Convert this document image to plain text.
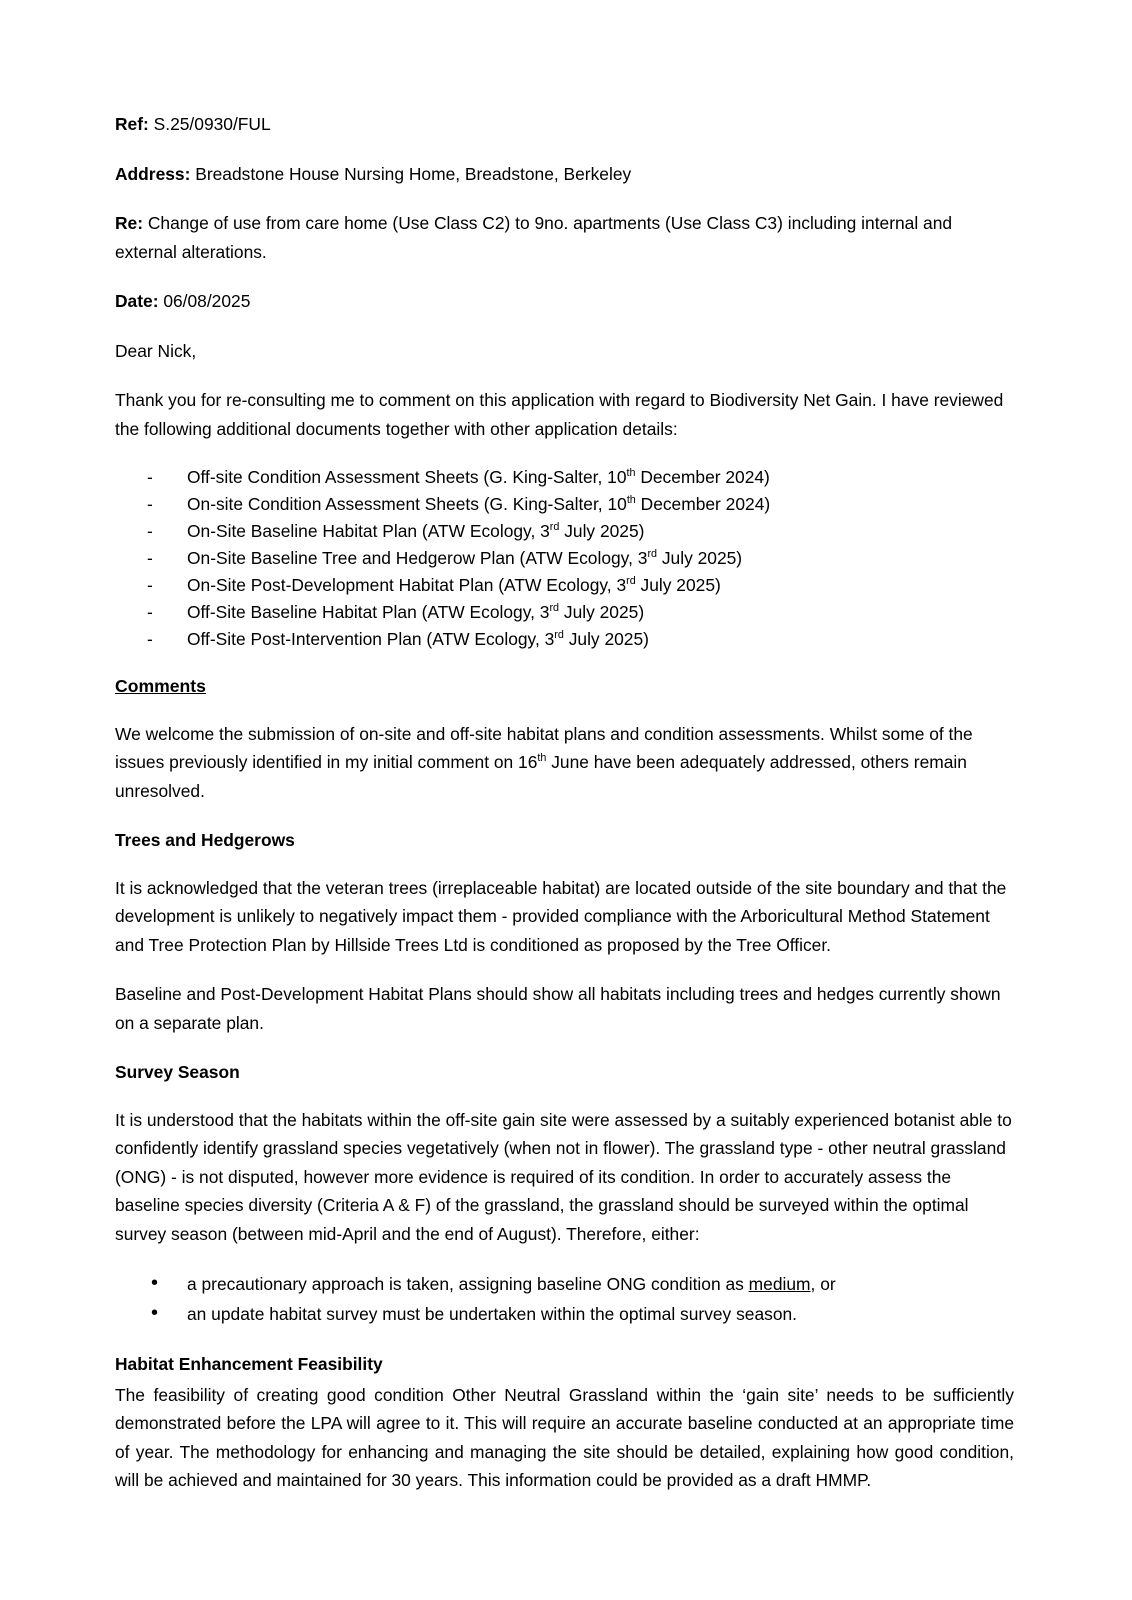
Ref: S.25/0930/FUL

Address: Breadstone House Nursing Home, Breadstone, Berkeley

Re: Change of use from care home (Use Class C2) to 9no. apartments (Use Class C3) including internal and external alterations.

Date: 06/08/2025

Dear Nick,

Thank you for re-consulting me to comment on this application with regard to Biodiversity Net Gain. I have reviewed the following additional documents together with other application details:

- Off-site Condition Assessment Sheets (G. King-Salter, 10th December 2024)
- On-site Condition Assessment Sheets (G. King-Salter, 10th December 2024)
- On-Site Baseline Habitat Plan (ATW Ecology, 3rd July 2025)
- On-Site Baseline Tree and Hedgerow Plan (ATW Ecology, 3rd July 2025)
- On-Site Post-Development Habitat Plan (ATW Ecology, 3rd July 2025)
- Off-Site Baseline Habitat Plan (ATW Ecology, 3rd July 2025)
- Off-Site Post-Intervention Plan (ATW Ecology, 3rd July 2025)

Comments

We welcome the submission of on-site and off-site habitat plans and condition assessments. Whilst some of the issues previously identified in my initial comment on 16th June have been adequately addressed, others remain unresolved.

Trees and Hedgerows

It is acknowledged that the veteran trees (irreplaceable habitat) are located outside of the site boundary and that the development is unlikely to negatively impact them - provided compliance with the Arboricultural Method Statement and Tree Protection Plan by Hillside Trees Ltd is conditioned as proposed by the Tree Officer.

Baseline and Post-Development Habitat Plans should show all habitats including trees and hedges currently shown on a separate plan.

Survey Season

It is understood that the habitats within the off-site gain site were assessed by a suitably experienced botanist able to confidently identify grassland species vegetatively (when not in flower). The grassland type - other neutral grassland (ONG) - is not disputed, however more evidence is required of its condition. In order to accurately assess the baseline species diversity (Criteria A & F) of the grassland, the grassland should be surveyed within the optimal survey season (between mid-April and the end of August). Therefore, either:

• a precautionary approach is taken, assigning baseline ONG condition as medium, or
• an update habitat survey must be undertaken within the optimal survey season.

Habitat Enhancement Feasibility

The feasibility of creating good condition Other Neutral Grassland within the ‘gain site’ needs to be sufficiently demonstrated before the LPA will agree to it. This will require an accurate baseline conducted at an appropriate time of year. The methodology for enhancing and managing the site should be detailed, explaining how good condition, will be achieved and maintained for 30 years. This information could be provided as a draft HMMP.
